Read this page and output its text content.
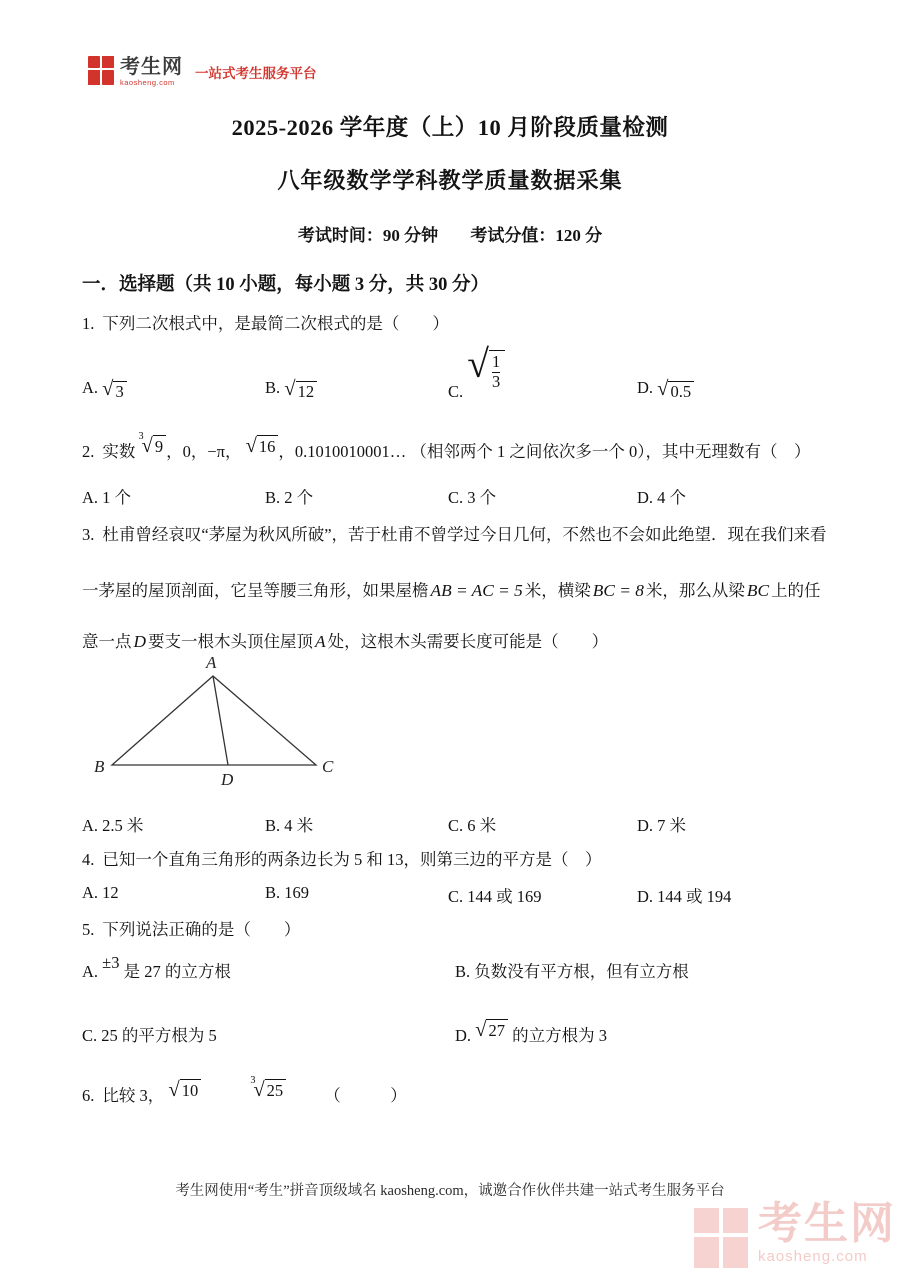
考生网
kaosheng.com
一站式考生服务平台
2025-2026 学年度（上）10 月阶段质量检测
八年级数学学科教学质量数据采集
考试时间：90 分钟 考试分值：120 分
一．选择题（共 10 小题，每小题 3 分，共 30 分）
1. 下列二次根式中，是最简二次根式的是（　　）
A. √ 3	B. √ 12	C.
√ $\frac{1}{3}$	D. √ 0.5
2. 实数
3
√ 9 ，0，−π， √ 16 ，0.1010010001… （相邻两个 1 之间依次多一个 0），其中无理数有（　）
A. 1 个	B. 2 个	C. 3 个	D. 4 个
3. 杜甫曾经哀叹“茅屋为秋风所破”，苦于杜甫不曾学过今日几何，不然也不会如此绝望．现在我们来看
一茅屋的屋顶剖面，它呈等腰三角形，如果屋檐 AB = AC = 5 米，横梁 BC = 8 米，那么从梁 BC 上的任
意一点 D 要支一根木头顶住屋顶 A 处，这根木头需要长度可能是（　　）
A
B	C
D
A. 2.5 米	B. 4 米	C. 6 米	D. 7 米
4. 已知一个直角三角形的两条边长为 5 和 13，则第三边的平方是（　）
A. 12	B. 169	C. 144 或 169	D. 144 或 194
5. 下列说法正确的是（　　）
A. ±3 是 27 的立方根	B. 负数没有平方根，但有立方根
C. 25 的平方根为 5	D. √ 27 的立方根为 3
6. 比较 3， √ 10
3
√ 25 （　　　）
考生网使用“考生”拼音顶级域名 kaosheng.com，诚邀合作伙伴共建一站式考生服务平台
考生网
kaosheng.com
